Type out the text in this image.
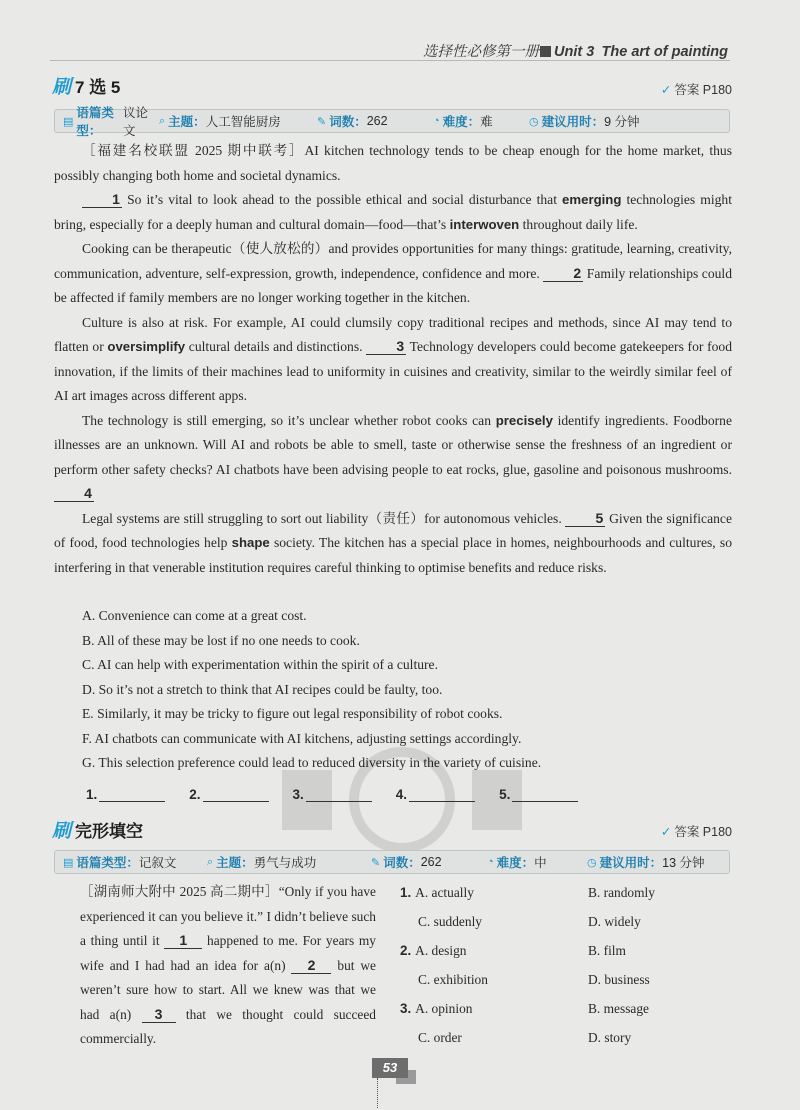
选择性必修第一册 Unit 3 The art of painting
刷 7 选 5	✓ 答案 P180
▤
语篇类型：
议论文
⌕ 主题： 人工智能厨房	✎ 词数： 262	◔ 难度： 难	◷ 建议用时： 9 分钟

［福建名校联盟 2025 期中联考］AI kitchen technology tends to be cheap enough for the home market, thus possibly changing both home and societal dynamics.

1 So it’s vital to look ahead to the possible ethical and social disturbance that emerging technologies might bring, especially for a deeply human and cultural domain—food—that’s interwoven throughout daily life.

Cooking can be therapeutic（使人放松的）and provides opportunities for many things: gratitude, learning, creativity, communication, adventure, self-expression, growth, independence, confidence and more. 2 Family relationships could be affected if family members are no longer working together in the kitchen.

Culture is also at risk. For example, AI could clumsily copy traditional recipes and methods, since AI may tend to flatten or oversimplify cultural details and distinctions. 3 Technology developers could become gatekeepers for food innovation, if the limits of their machines lead to uniformity in cuisines and creativity, similar to the weirdly similar feel of AI art images across different apps.

The technology is still emerging, so it’s unclear whether robot cooks can precisely identify ingredients. Foodborne illnesses are an unknown. Will AI and robots be able to smell, taste or otherwise sense the freshness of an ingredient or perform other safety checks? AI chatbots have been advising people to eat rocks, glue, gasoline and poisonous mushrooms. 4

Legal systems are still struggling to sort out liability（责任）for autonomous vehicles. 5 Given the significance of food, food technologies help shape society. The kitchen has a special place in homes, neighbourhoods and cultures, so interfering in that venerable institution requires careful thinking to optimise benefits and reduce risks.

A. Convenience can come at a great cost.
B. All of these may be lost if no one needs to cook.
C. AI can help with experimentation within the spirit of a culture.
D. So it’s not a stretch to think that AI recipes could be faulty, too.
E. Similarly, it may be tricky to figure out legal responsibility of robot cooks.
F. AI chatbots can communicate with AI kitchens, adjusting settings accordingly.
G. This selection preference could lead to reduced diversity in the variety of cuisine.
1.	2.	3.	4.	5.
刷 完形填空	✓ 答案 P180
▤ 语篇类型： 记叙文	⌕ 主题： 勇气与成功	✎ 词数： 262	◔ 难度： 中	◷ 建议用时： 13 分钟

［湖南师大附中 2025 高二期中］“Only if you have experienced it can you believe it.” I didn’t believe such a thing until it 1 happened to me. For years my wife and I had had an idea for a(n) 2 but we weren’t sure how to start. All we knew was that we had a(n) 3 that we thought could succeed commercially.

1. A. actually	B. randomly
C. suddenly	D. widely
2. A. design	B. film
C. exhibition	D. business
3. A. opinion	B. message
C. order	D. story
53
